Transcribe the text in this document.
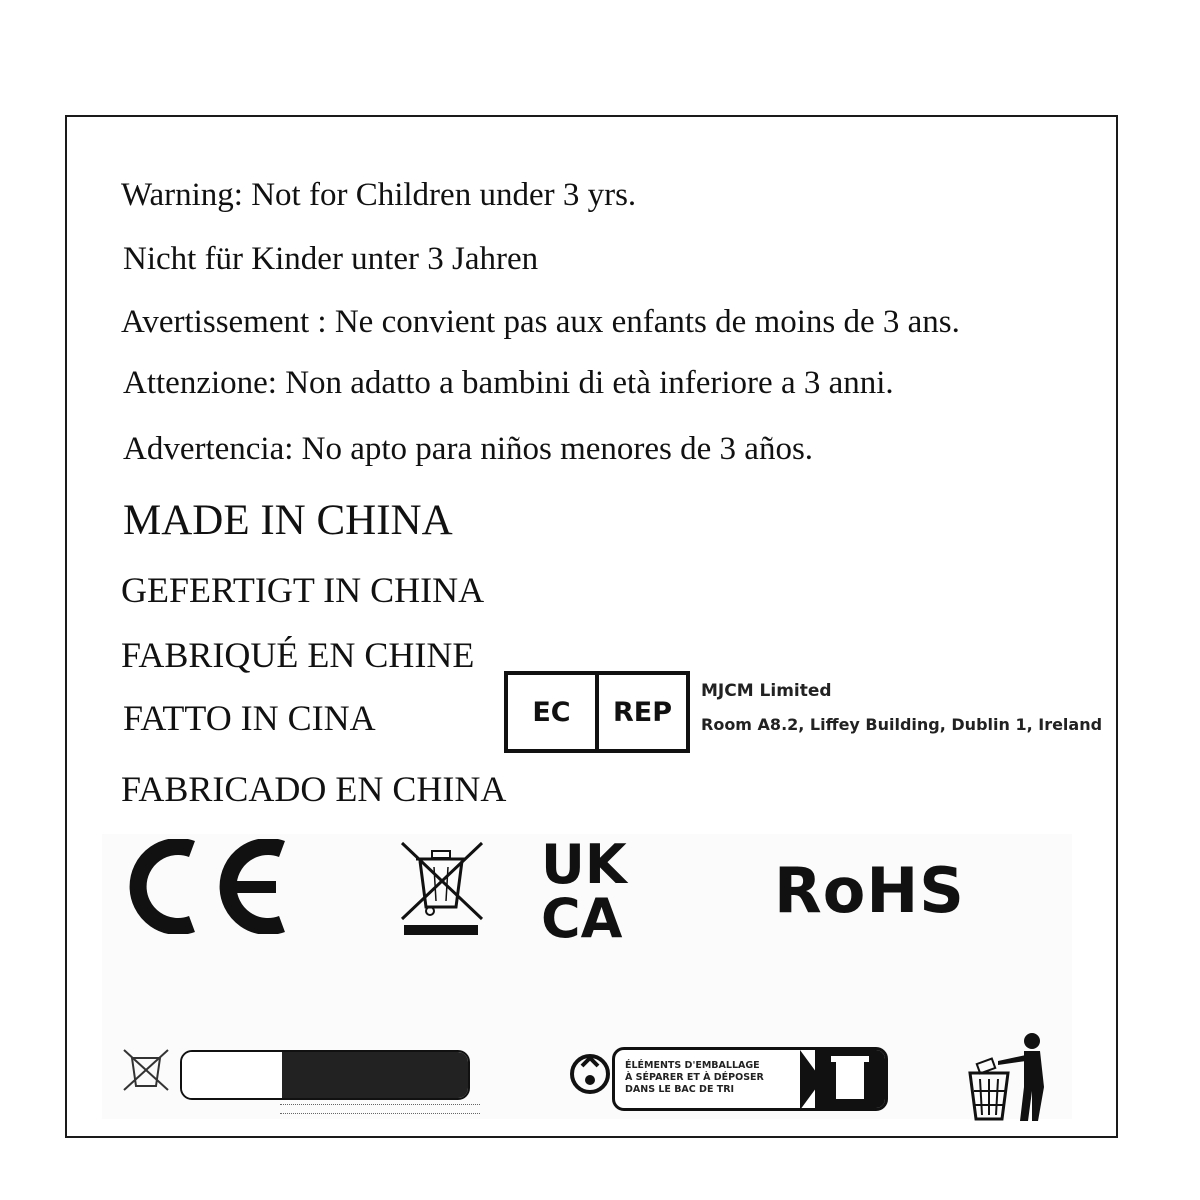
Warning: Not for Children under 3 yrs.
Nicht für Kinder unter 3 Jahren
Avertissement : Ne convient pas aux enfants de moins de 3 ans.
Attenzione: Non adatto a bambini di età inferiore a 3 anni.
Advertencia: No apto para niños menores de 3 años.
MADE IN CHINA
GEFERTIGT IN CHINA
FABRIQUÉ EN CHINE
FATTO IN CINA
FABRICADO EN CHINA
EC	REP
MJCM Limited
Room A8.2, Liffey Building, Dublin 1, Ireland
UK
CA RoHS
ÉLÉMENTS D'EMBALLAGE
À SÉPARER ET À DÉPOSER
DANS LE BAC DE TRI
